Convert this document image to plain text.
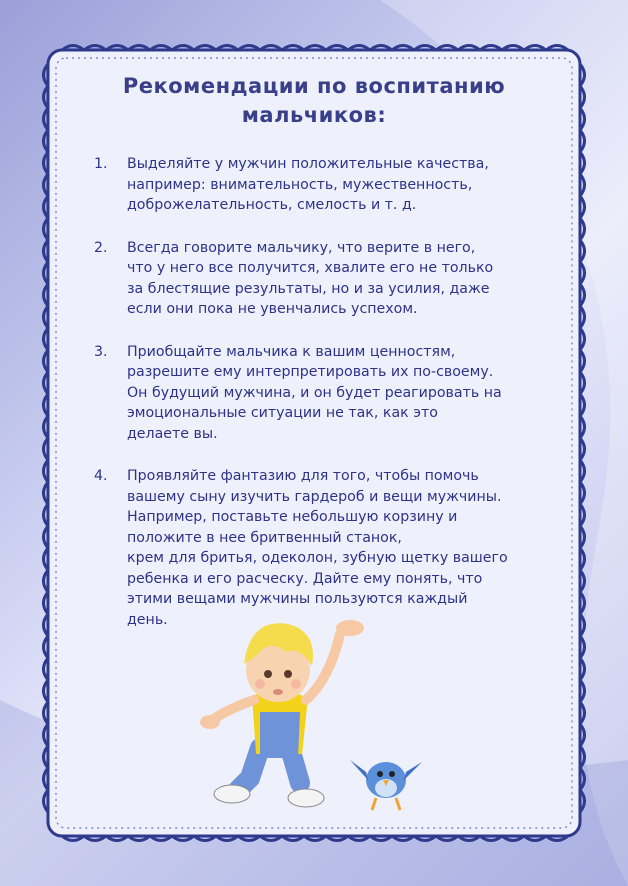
Рекомендации по воспитанию
мальчиков:
1. Выделяйте у мужчин положительные качества,
например: внимательность, мужественность,
доброжелательность, смелость и т. д.
2. Всегда говорите мальчику, что верите в него,
что у него все получится, хвалите его не только
за блестящие результаты, но и за усилия, даже
если они пока не увенчались успехом.
3. Приобщайте мальчика к вашим ценностям,
разрешите ему интерпретировать их по-своему.
Он будущий мужчина, и он будет реагировать на
эмоциональные ситуации не так, как это
делаете вы.
4. Проявляйте фантазию для того, чтобы помочь
вашему сыну изучить гардероб и вещи мужчины.
Например, поставьте небольшую корзину и
положите в нее бритвенный станок,
крем для бритья, одеколон, зубную щетку вашего
ребенка и его расческу. Дайте ему понять, что
этими вещами мужчины пользуются каждый
день.
